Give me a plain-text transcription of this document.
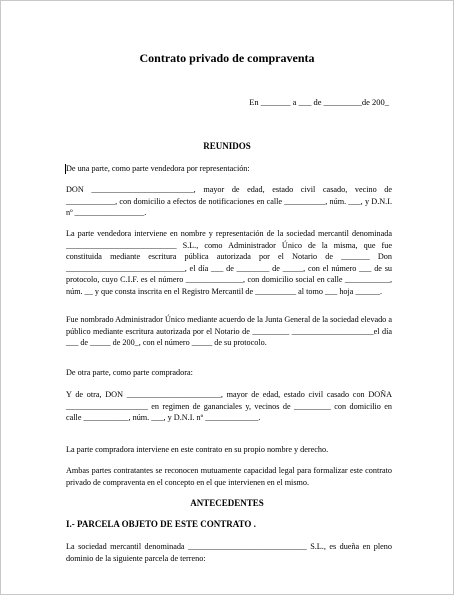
Contrato privado de compraventa
En _______ a ___ de _________de 200_
REUNIDOS

De una parte, como parte vendedora por representación:

DON _________________________, mayor de edad, estado civil casado, vecino de ____________, con domicilio a efectos de notificaciones en calle __________, núm. ___, y D.N.I. nº _________________.

La parte vendedora interviene en nombre y representación de la sociedad mercantil denominada ___________________________ S.L., como Administrador Único de la misma, que fue constituida mediante escritura pública autorizada por el Notario de _______ Don _____________________________, el día ___ de ________ de _____, con el número ___ de su protocolo, cuyo C.I.F. es el número ______________, con domicilio social en calle ___________, núm. __ y que consta inscrita en el Registro Mercantil de __________ al tomo ___ hoja ______.

Fue nombrado Administrador Único mediante acuerdo de la Junta General de la sociedad elevado a público mediante escritura autorizada por el Notario de _________ ____________________el día ___ de _____ de 200_, con el número _____ de su protocolo.

De otra parte, como parte compradora:

Y de otra, DON _______________________, mayor de edad, estado civil casado con DOÑA ____________________ en regimen de gananciales y, vecinos de _________ con domicilio en calle ___________, núm. ___, y D.N.I. nº _____________.

La parte compradora interviene en este contrato en su propio nombre y derecho.

Ambas partes contratantes se reconocen mutuamente capacidad legal para formalizar este contrato privado de compraventa en el concepto en el que intervienen en el mismo.

ANTECEDENTES
I.- PARCELA OBJETO DE ESTE CONTRATO .

La sociedad mercantil denominada _____________________________ S.L., es dueña en pleno dominio de la siguiente parcela de terreno:
